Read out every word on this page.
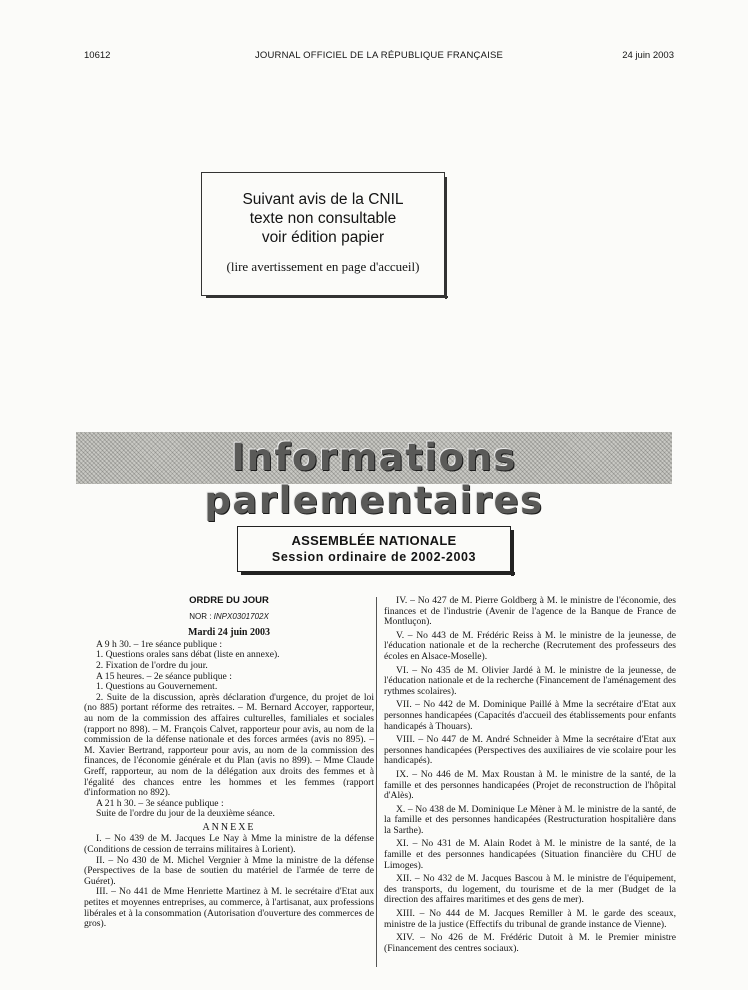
10612	JOURNAL OFFICIEL DE LA RÉPUBLIQUE FRANÇAISE	24 juin 2003
Suivant avis de la CNIL
texte non consultable
voir édition papier
(lire avertissement en page d'accueil)
Informations parlementaires
ASSEMBLÉE NATIONALE
Session ordinaire de 2002-2003
ORDRE DU JOUR
NOR : INPX0301702X
Mardi 24 juin 2003
A 9 h 30. – 1re séance publique :
1. Questions orales sans débat (liste en annexe).
2. Fixation de l'ordre du jour.
A 15 heures. – 2e séance publique :
1. Questions au Gouvernement.
2. Suite de la discussion, après déclaration d'urgence, du projet de loi (no 885) portant réforme des retraites. – M. Bernard Accoyer, rapporteur, au nom de la commission des affaires culturelles, familiales et sociales (rapport no 898). – M. François Calvet, rapporteur pour avis, au nom de la commission de la défense nationale et des forces armées (avis no 895). – M. Xavier Bertrand, rapporteur pour avis, au nom de la commission des finances, de l'économie générale et du Plan (avis no 899). – Mme Claude Greff, rapporteur, au nom de la délégation aux droits des femmes et à l'égalité des chances entre les hommes et les femmes (rapport d'information no 892).
A 21 h 30. – 3e séance publique :
Suite de l'ordre du jour de la deuxième séance.
ANNEXE
I. – No 439 de M. Jacques Le Nay à Mme la ministre de la défense (Conditions de cession de terrains militaires à Lorient).
II. – No 430 de M. Michel Vergnier à Mme la ministre de la défense (Perspectives de la base de soutien du matériel de l'armée de terre de Guéret).
III. – No 441 de Mme Henriette Martinez à M. le secrétaire d'Etat aux petites et moyennes entreprises, au commerce, à l'artisanat, aux professions libérales et à la consommation (Autorisation d'ouverture des commerces de gros).
IV. – No 427 de M. Pierre Goldberg à M. le ministre de l'économie, des finances et de l'industrie (Avenir de l'agence de la Banque de France de Montluçon).
V. – No 443 de M. Frédéric Reiss à M. le ministre de la jeunesse, de l'éducation nationale et de la recherche (Recrutement des professeurs des écoles en Alsace-Moselle).
VI. – No 435 de M. Olivier Jardé à M. le ministre de la jeunesse, de l'éducation nationale et de la recherche (Financement de l'aménagement des rythmes scolaires).
VII. – No 442 de M. Dominique Paillé à Mme la secrétaire d'Etat aux personnes handicapées (Capacités d'accueil des établissements pour enfants handicapés à Thouars).
VIII. – No 447 de M. André Schneider à Mme la secrétaire d'Etat aux personnes handicapées (Perspectives des auxiliaires de vie scolaire pour les handicapés).
IX. – No 446 de M. Max Roustan à M. le ministre de la santé, de la famille et des personnes handicapées (Projet de reconstruction de l'hôpital d'Alès).
X. – No 438 de M. Dominique Le Mèner à M. le ministre de la santé, de la famille et des personnes handicapées (Restructuration hospitalière dans la Sarthe).
XI. – No 431 de M. Alain Rodet à M. le ministre de la santé, de la famille et des personnes handicapées (Situation financière du CHU de Limoges).
XII. – No 432 de M. Jacques Bascou à M. le ministre de l'équipement, des transports, du logement, du tourisme et de la mer (Budget de la direction des affaires maritimes et des gens de mer).
XIII. – No 444 de M. Jacques Remiller à M. le garde des sceaux, ministre de la justice (Effectifs du tribunal de grande instance de Vienne).
XIV. – No 426 de M. Frédéric Dutoit à M. le Premier ministre (Financement des centres sociaux).
